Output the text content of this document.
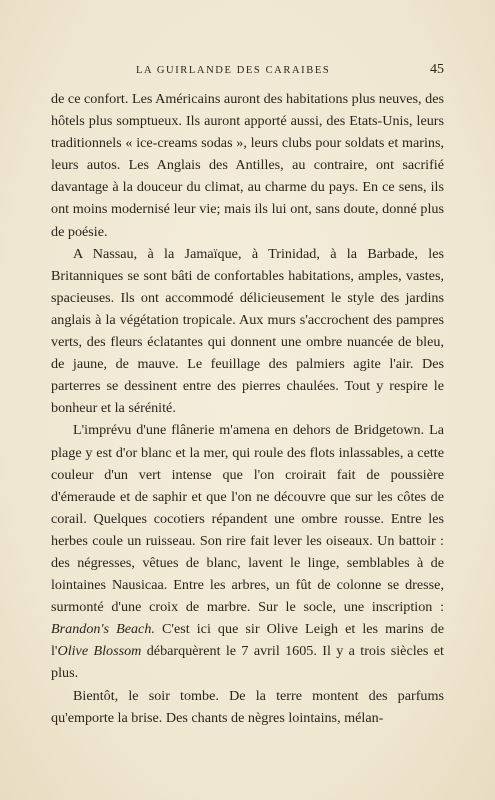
LA GUIRLANDE DES CARAIBES	45

de ce confort. Les Américains auront des habitations plus neuves, des hôtels plus somptueux. Ils auront apporté aussi, des Etats-Unis, leurs traditionnels « ice-creams sodas », leurs clubs pour soldats et marins, leurs autos. Les Anglais des Antilles, au contraire, ont sacrifié davantage à la douceur du climat, au charme du pays. En ce sens, ils ont moins modernisé leur vie; mais ils lui ont, sans doute, donné plus de poésie.

A Nassau, à la Jamaïque, à Trinidad, à la Barbade, les Britanniques se sont bâti de confortables habitations, amples, vastes, spacieuses. Ils ont accommodé délicieusement le style des jardins anglais à la végétation tropicale. Aux murs s'accrochent des pampres verts, des fleurs éclatantes qui donnent une ombre nuancée de bleu, de jaune, de mauve. Le feuillage des palmiers agite l'air. Des parterres se dessinent entre des pierres chaulées. Tout y respire le bonheur et la sérénité.

L'imprévu d'une flânerie m'amena en dehors de Bridgetown. La plage y est d'or blanc et la mer, qui roule des flots inlassables, a cette couleur d'un vert intense que l'on croirait fait de poussière d'émeraude et de saphir et que l'on ne découvre que sur les côtes de corail. Quelques cocotiers répandent une ombre rousse. Entre les herbes coule un ruisseau. Son rire fait lever les oiseaux. Un battoir : des négresses, vêtues de blanc, lavent le linge, semblables à de lointaines Nausicaa. Entre les arbres, un fût de colonne se dresse, surmonté d'une croix de marbre. Sur le socle, une inscription : Brandon's Beach. C'est ici que sir Olive Leigh et les marins de l'Olive Blossom débarquèrent le 7 avril 1605. Il y a trois siècles et plus.

Bientôt, le soir tombe. De la terre montent des parfums qu'emporte la brise. Des chants de nègres lointains, mélan-
